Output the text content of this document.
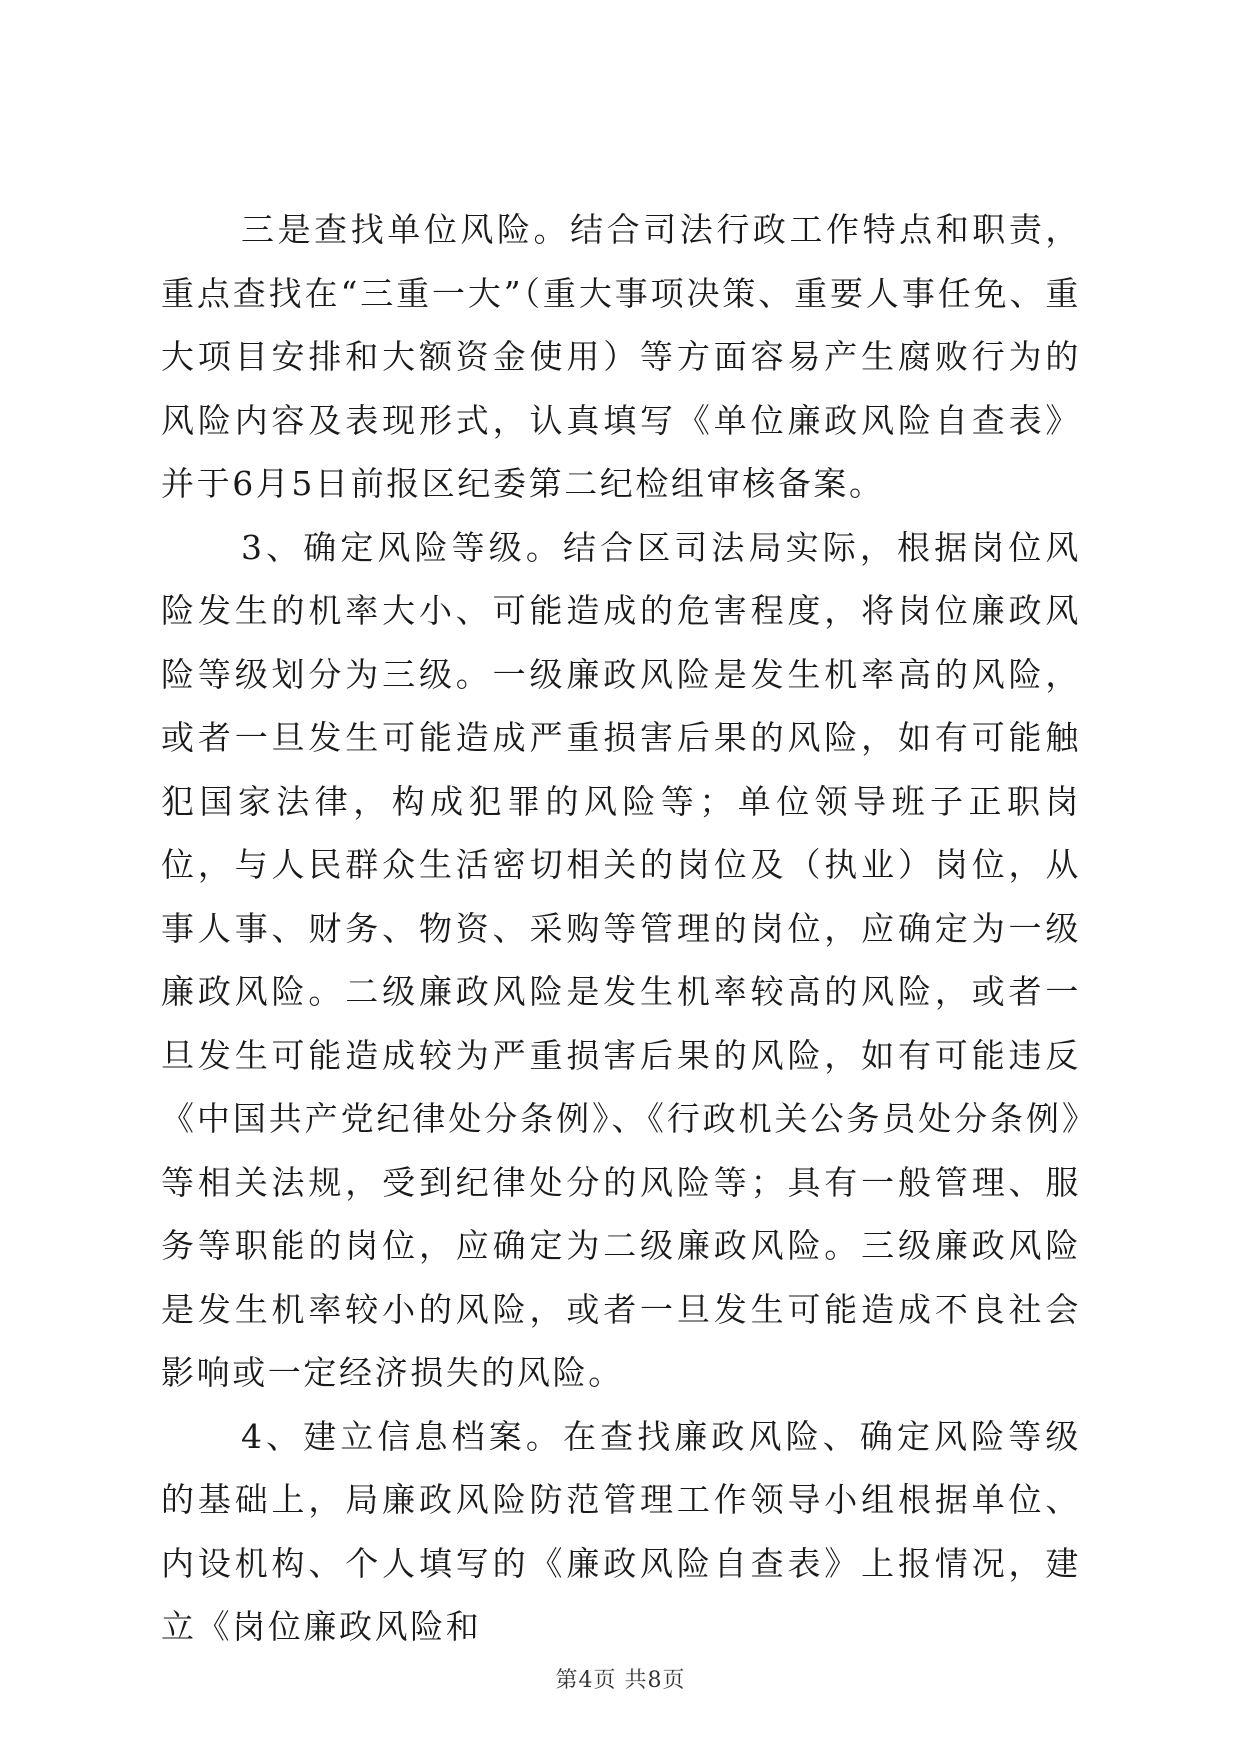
三是查找单位风险。结合司法行政工作特点和职责，重点查找在“三重一大”（重大事项决策、重要人事任免、重大项目安排和大额资金使用）等方面容易产生腐败行为的风险内容及表现形式，认真填写《单位廉政风险自查表》并于6月5日前报区纪委第二纪检组审核备案。

3、确定风险等级。结合区司法局实际，根据岗位风险发生的机率大小、可能造成的危害程度，将岗位廉政风险等级划分为三级。一级廉政风险是发生机率高的风险，或者一旦发生可能造成严重损害后果的风险，如有可能触犯国家法律，构成犯罪的风险等；单位领导班子正职岗位，与人民群众生活密切相关的岗位及（执业）岗位，从事人事、财务、物资、采购等管理的岗位，应确定为一级廉政风险。二级廉政风险是发生机率较高的风险，或者一旦发生可能造成较为严重损害后果的风险，如有可能违反《中国共产党纪律处分条例》、《行政机关公务员处分条例》等相关法规，受到纪律处分的风险等；具有一般管理、服务等职能的岗位，应确定为二级廉政风险。三级廉政风险是发生机率较小的风险，或者一旦发生可能造成不良社会影响或一定经济损失的风险。

4、建立信息档案。在查找廉政风险、确定风险等级的基础上，局廉政风险防范管理工作领导小组根据单位、内设机构、个人填写的《廉政风险自查表》上报情况，建立《岗位廉政风险和

第4页 共8页
